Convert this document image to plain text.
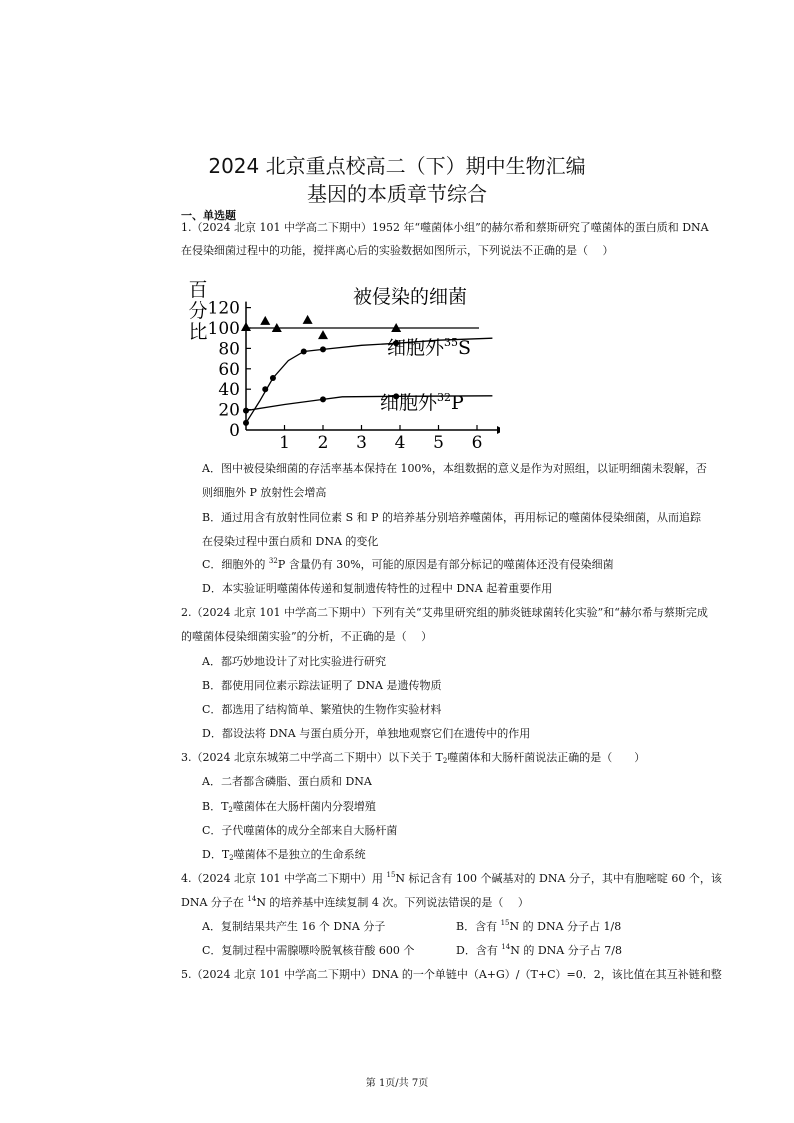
2024 北京重点校高二（下）期中生物汇编
基因的本质章节综合
一、单选题
1.（2024 北京 101 中学高二下期中）1952 年“噬菌体小组”的赫尔希和蔡斯研究了噬菌体的蛋白质和 DNA
在侵染细菌过程中的功能，搅拌离心后的实验数据如图所示，下列说法不正确的是（　 ）
0
20
40
60
80
100
120
1 2 3 4 5 6
百
分
比
被侵染的细菌
细胞外$^{35}$S
细胞外$^{32}$P
A．图中被侵染细菌的存活率基本保持在 100%，本组数据的意义是作为对照组，以证明细菌未裂解，否
则细胞外 P 放射性会增高
B．通过用含有放射性同位素 S 和 P 的培养基分别培养噬菌体，再用标记的噬菌体侵染细菌，从而追踪
在侵染过程中蛋白质和 DNA 的变化
C．细胞外的 $^{32}$P 含量仍有 30%，可能的原因是有部分标记的噬菌体还没有侵染细菌
D．本实验证明噬菌体传递和复制遗传特性的过程中 DNA 起着重要作用
2.（2024 北京 101 中学高二下期中）下列有关“艾弗里研究组的肺炎链球菌转化实验”和“赫尔希与蔡斯完成
的噬菌体侵染细菌实验”的分析，不正确的是（　 ）
A．都巧妙地设计了对比实验进行研究
B．都使用同位素示踪法证明了 DNA 是遗传物质
C．都选用了结构简单、繁殖快的生物作实验材料
D．都设法将 DNA 与蛋白质分开，单独地观察它们在遗传中的作用
3.（2024 北京东城第二中学高二下期中）以下关于 T2噬菌体和大肠杆菌说法正确的是（　　）
A．二者都含磷脂、蛋白质和 DNA
B．T2噬菌体在大肠杆菌内分裂增殖
C．子代噬菌体的成分全部来自大肠杆菌
D．T2噬菌体不是独立的生命系统
4.（2024 北京 101 中学高二下期中）用 $^{15}$N 标记含有 100 个碱基对的 DNA 分子，其中有胞嘧啶 60 个，该
DNA 分子在 $^{14}$N 的培养基中连续复制 4 次。下列说法错误的是（　 ）
A．复制结果共产生 16 个 DNA 分子	B．含有 $^{15}$N 的 DNA 分子占 1/8
C．复制过程中需腺嘌呤脱氧核苷酸 600 个	D．含有 $^{14}$N 的 DNA 分子占 7/8
5.（2024 北京 101 中学高二下期中）DNA 的一个单链中（A+G）/（T+C）=0．2，该比值在其互补链和整
第 1页/共 7页
